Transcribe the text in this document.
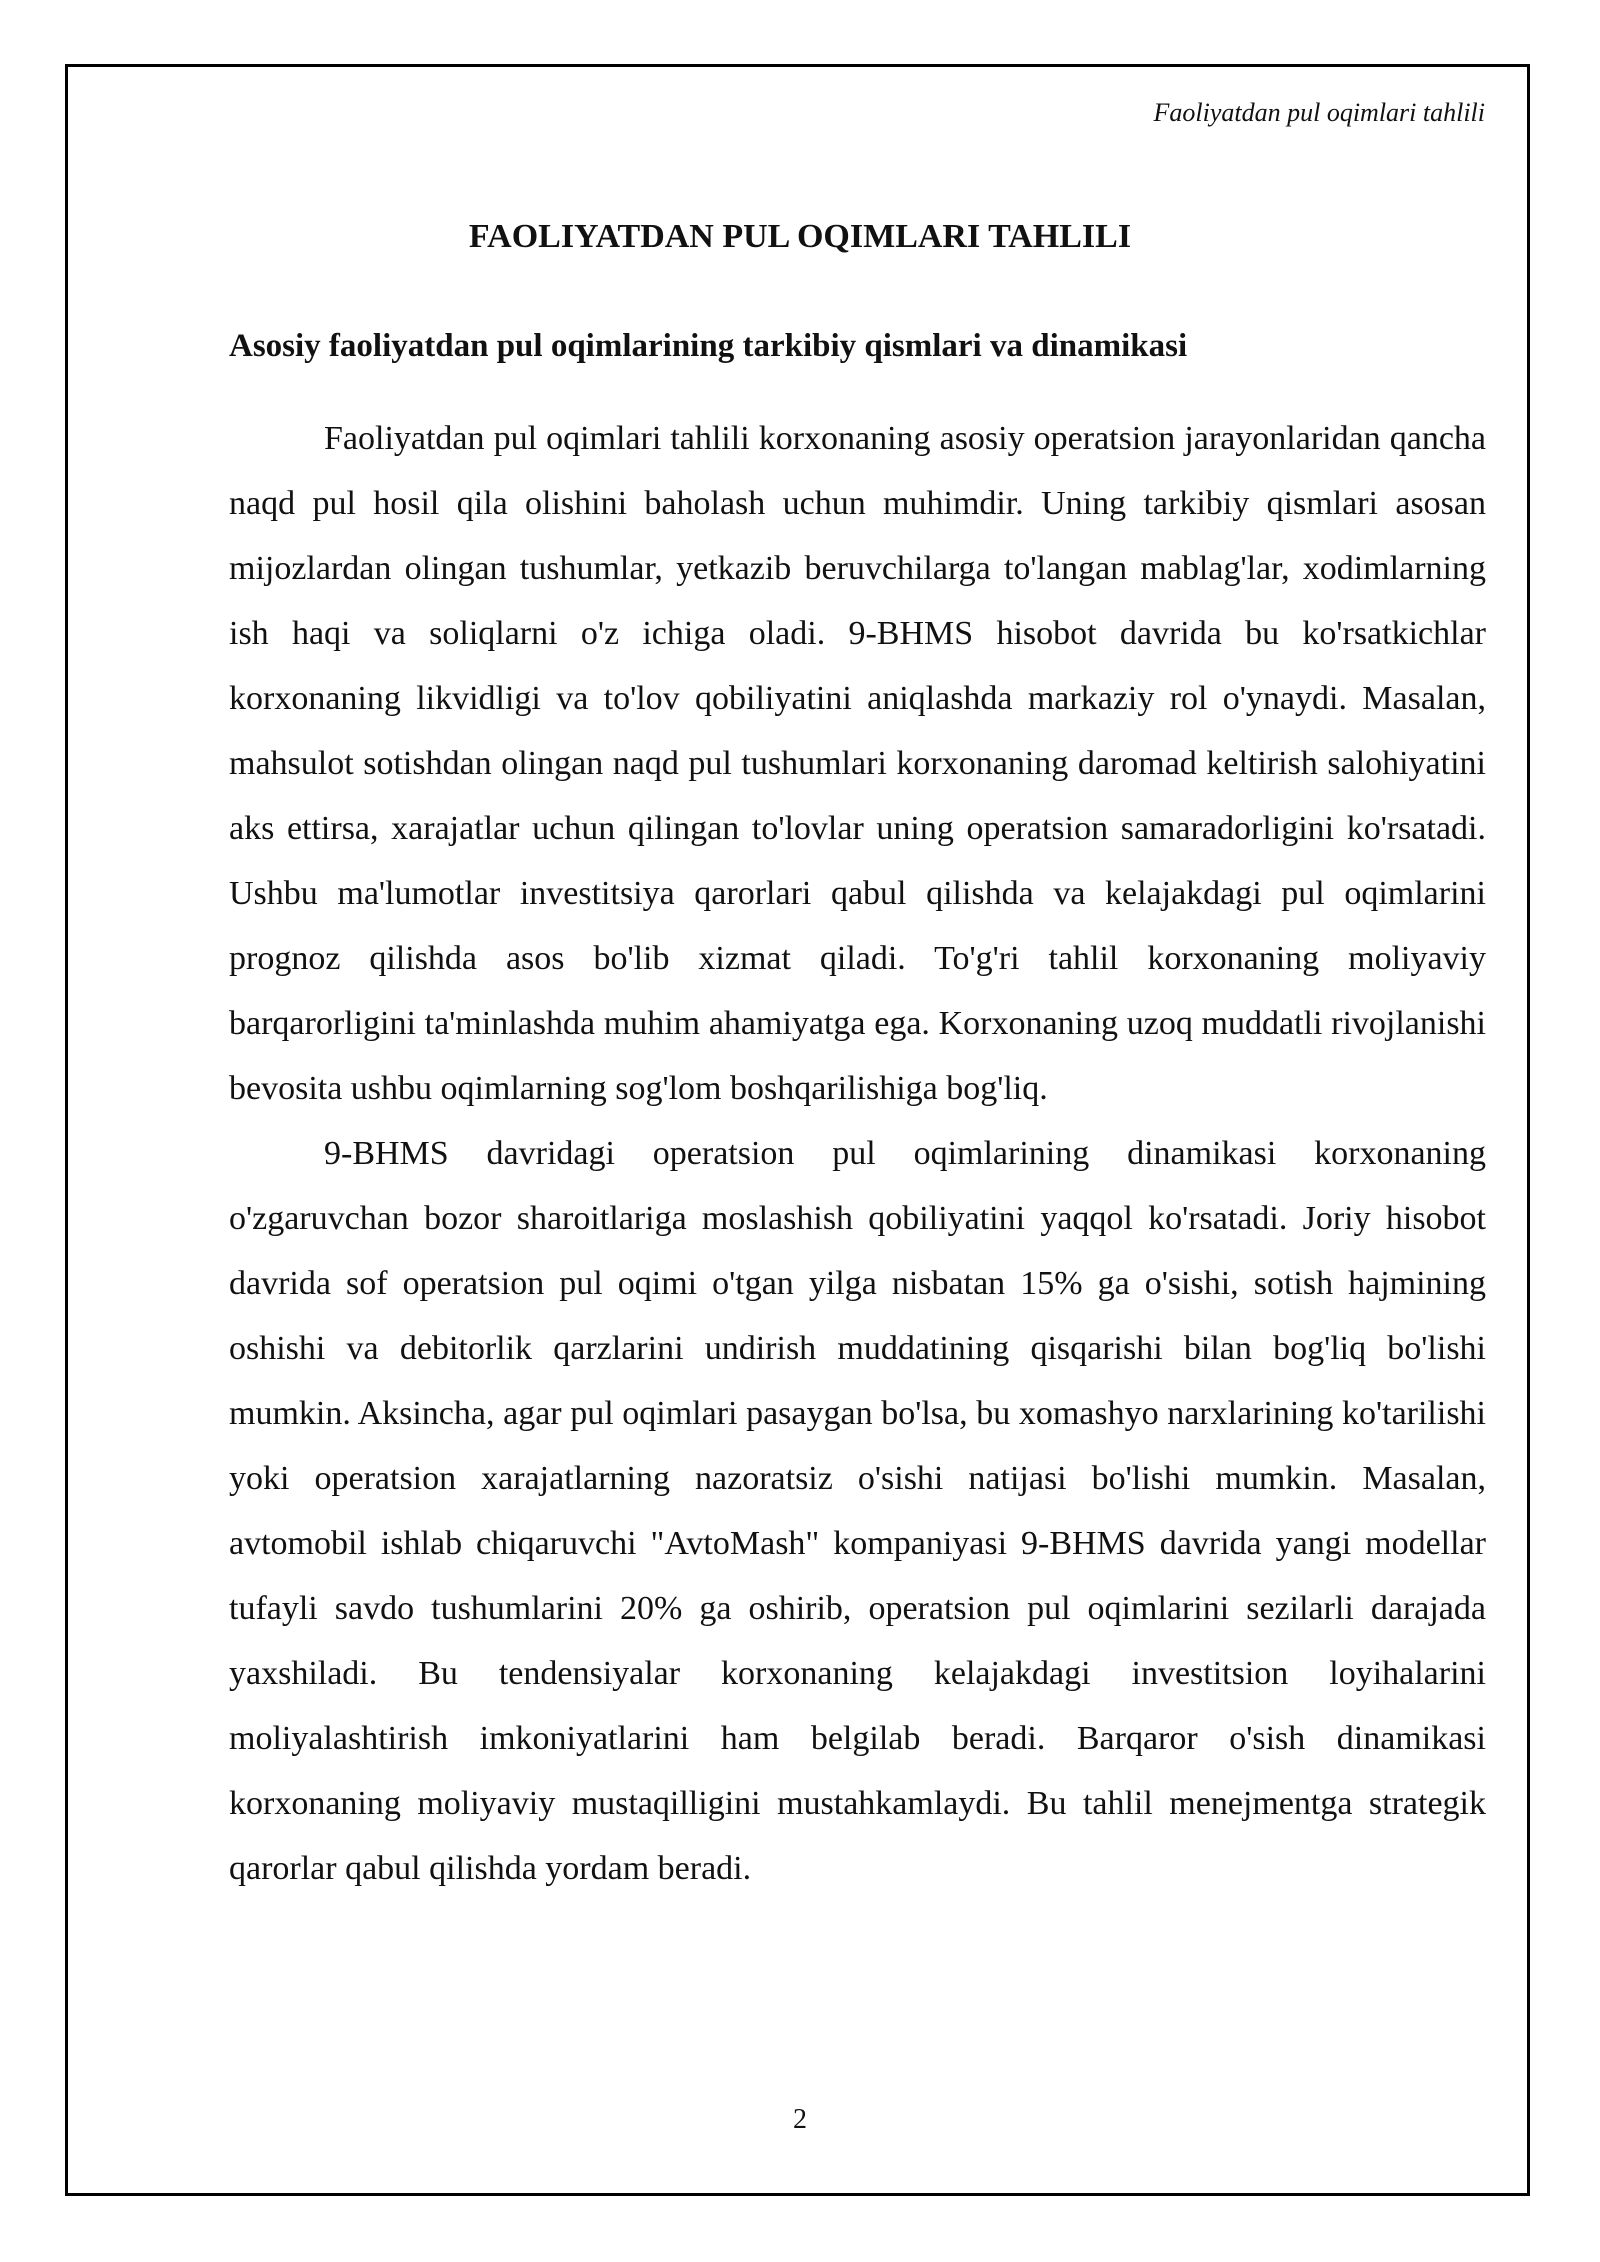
Faoliyatdan pul oqimlari tahlili
FAOLIYATDAN PUL OQIMLARI TAHLILI
Asosiy faoliyatdan pul oqimlarining tarkibiy qismlari va dinamikasi

Faoliyatdan pul oqimlari tahlili korxonaning asosiy operatsion jarayonlaridan qancha naqd pul hosil qila olishini baholash uchun muhimdir. Uning tarkibiy qismlari asosan mijozlardan olingan tushumlar, yetkazib beruvchilarga to'langan mablag'lar, xodimlarning ish haqi va soliqlarni o'z ichiga oladi. 9-BHMS hisobot davrida bu ko'rsatkichlar korxonaning likvidligi va to'lov qobiliyatini aniqlashda markaziy rol o'ynaydi. Masalan, mahsulot sotishdan olingan naqd pul tushumlari korxonaning daromad keltirish salohiyatini aks ettirsa, xarajatlar uchun qilingan to'lovlar uning operatsion samaradorligini ko'rsatadi. Ushbu ma'lumotlar investitsiya qarorlari qabul qilishda va kelajakdagi pul oqimlarini prognoz qilishda asos bo'lib xizmat qiladi. To'g'ri tahlil korxonaning moliyaviy barqarorligini ta'minlashda muhim ahamiyatga ega. Korxonaning uzoq muddatli rivojlanishi bevosita ushbu oqimlarning sog'lom boshqarilishiga bog'liq.

9-BHMS davridagi operatsion pul oqimlarining dinamikasi korxonaning o'zgaruvchan bozor sharoitlariga moslashish qobiliyatini yaqqol ko'rsatadi. Joriy hisobot davrida sof operatsion pul oqimi o'tgan yilga nisbatan 15% ga o'sishi, sotish hajmining oshishi va debitorlik qarzlarini undirish muddatining qisqarishi bilan bog'liq bo'lishi mumkin. Aksincha, agar pul oqimlari pasaygan bo'lsa, bu xomashyo narxlarining ko'tarilishi yoki operatsion xarajatlarning nazoratsiz o'sishi natijasi bo'lishi mumkin. Masalan, avtomobil ishlab chiqaruvchi "AvtoMash" kompaniyasi 9-BHMS davrida yangi modellar tufayli savdo tushumlarini 20% ga oshirib, operatsion pul oqimlarini sezilarli darajada yaxshiladi. Bu tendensiyalar korxonaning kelajakdagi investitsion loyihalarini moliyalashtirish imkoniyatlarini ham belgilab beradi. Barqaror o'sish dinamikasi korxonaning moliyaviy mustaqilligini mustahkamlaydi. Bu tahlil menejmentga strategik qarorlar qabul qilishda yordam beradi.

2
